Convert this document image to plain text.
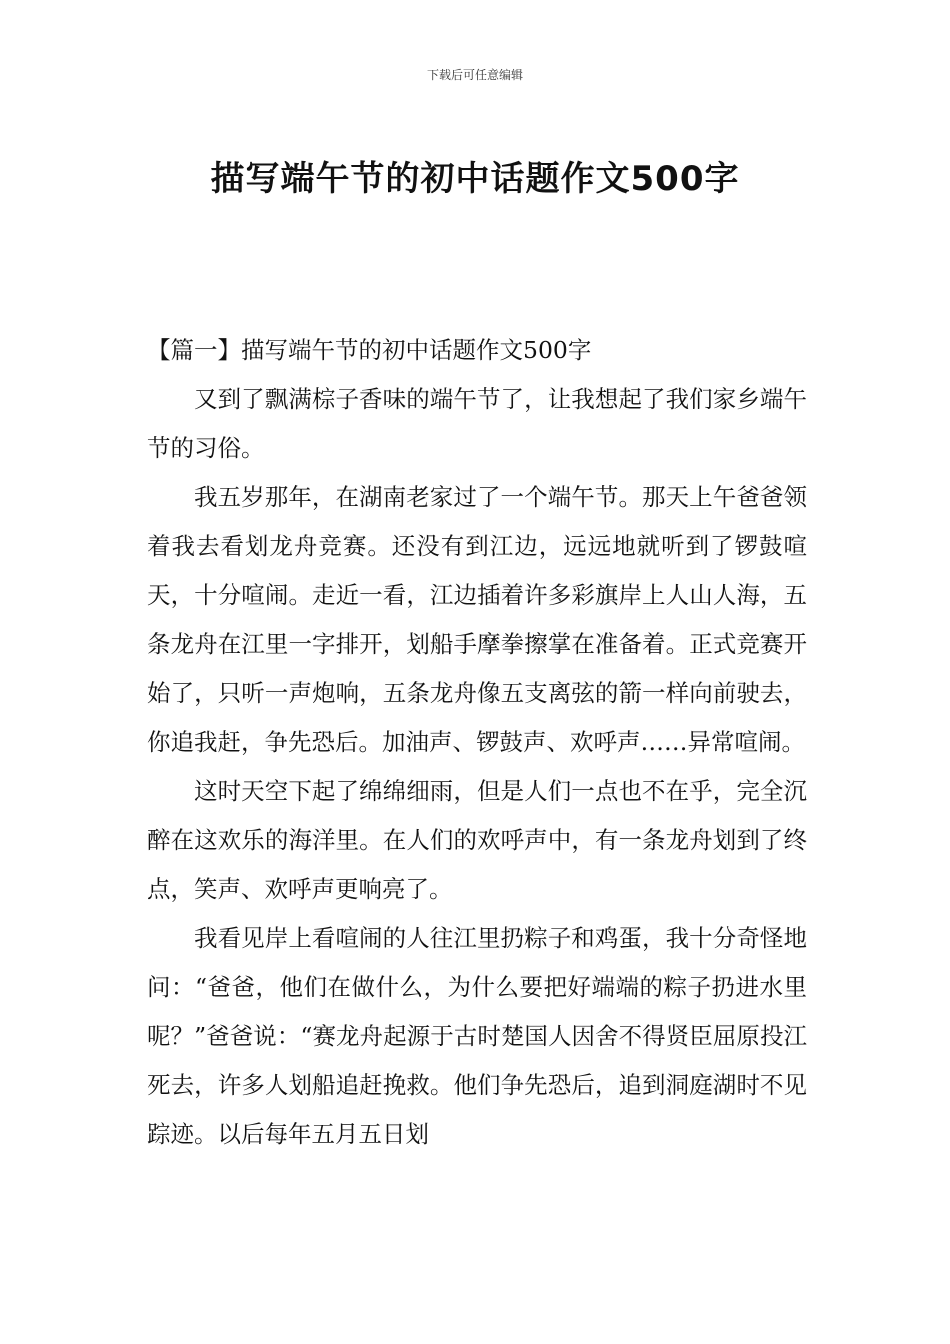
下载后可任意编辑
描写端午节的初中话题作文500字

【篇一】描写端午节的初中话题作文500字

又到了飘满棕子香味的端午节了，让我想起了我们家乡端午节的习俗。

我五岁那年，在湖南老家过了一个端午节。那天上午爸爸领着我去看划龙舟竞赛。还没有到江边，远远地就听到了锣鼓喧天，十分喧闹。走近一看，江边插着许多彩旗岸上人山人海，五条龙舟在江里一字排开，划船手摩拳擦掌在准备着。正式竞赛开始了，只听一声炮响，五条龙舟像五支离弦的箭一样向前驶去，你追我赶，争先恐后。加油声、锣鼓声、欢呼声……异常喧闹。

这时天空下起了绵绵细雨，但是人们一点也不在乎，完全沉醉在这欢乐的海洋里。在人们的欢呼声中，有一条龙舟划到了终点，笑声、欢呼声更响亮了。

我看见岸上看喧闹的人往江里扔粽子和鸡蛋，我十分奇怪地问：“爸爸，他们在做什么，为什么要把好端端的粽子扔进水里呢？”爸爸说：“赛龙舟起源于古时楚国人因舍不得贤臣屈原投江死去，许多人划船追赶挽救。他们争先恐后，追到洞庭湖时不见踪迹。以后每年五月五日划
